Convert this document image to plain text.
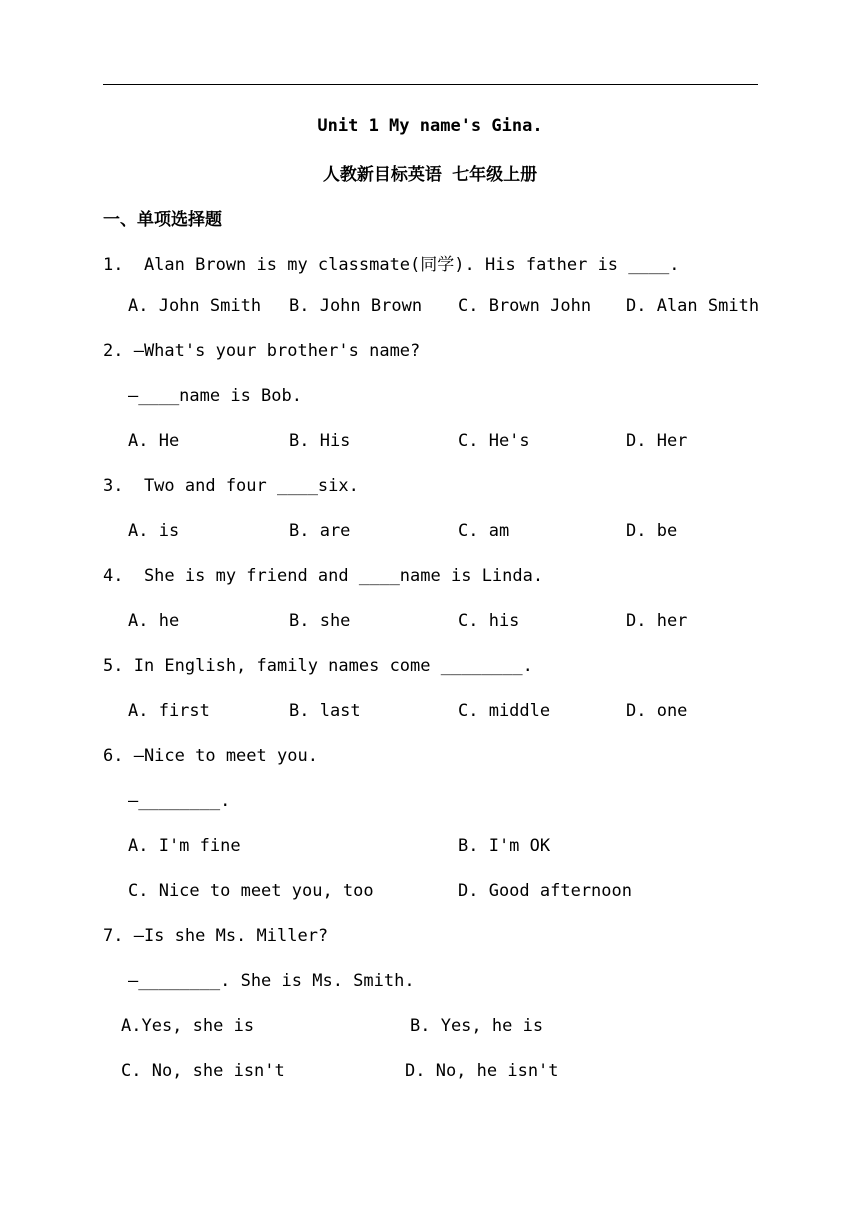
Unit 1 My name's Gina.
人教新目标英语 七年级上册
一、单项选择题
1.  Alan Brown is my classmate(同学). His father is ____.
A. John Smith B. John Brown C. Brown John D. Alan Smith
2. —What's your brother's name?
—____name is Bob.
A. He	B. His	C. He's	D. Her
3.  Two and four ____six.
A. is	B. are	C. am	D. be
4.  She is my friend and ____name is Linda.
A. he	B. she	C. his	D. her
5. In English, family names come ________.
A. first	B. last	C. middle	D. one
6. —Nice to meet you.
—________.
A. I'm fine	B. I'm OK
C. Nice to meet you, too	D. Good afternoon
7. —Is she Ms. Miller?
—________. She is Ms. Smith.
A.Yes, she is	B. Yes, he is
C. No, she isn't	D. No, he isn't
